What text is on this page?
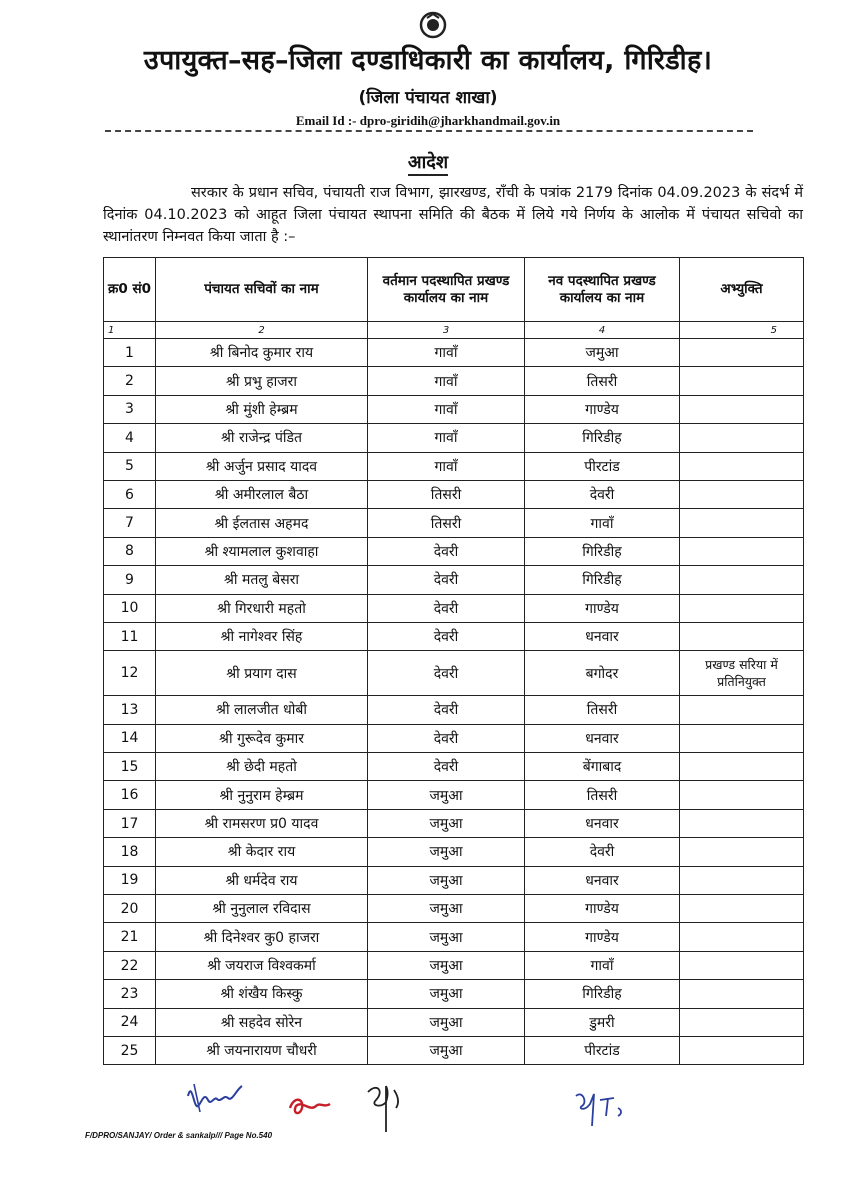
उपायुक्त–सह–जिला दण्डाधिकारी का कार्यालय, गिरिडीह।
(जिला पंचायत शाखा)
Email Id :- dpro-giridih@jharkhandmail.gov.in
आदेश
सरकार के प्रधान सचिव, पंचायती राज विभाग, झारखण्ड, राँची के पत्रांक 2179 दिनांक 04.09.2023 के संदर्भ में दिनांक 04.10.2023 को आहूत जिला पंचायत स्थापना समिति की बैठक में लिये गये निर्णय के आलोक में पंचायत सचिवो का स्थानांतरण निम्नवत किया जाता है :–
क्र0 सं0	पंचायत सचिवों का नाम	वर्तमान पदस्थापित प्रखण्ड कार्यालय का नाम	नव पदस्थापित प्रखण्ड कार्यालय का नाम	अभ्युक्ति
1	2	3	4	5
1	श्री बिनोद कुमार राय	गावाँ	जमुआ	
2	श्री प्रभु हाजरा	गावाँ	तिसरी	
3	श्री मुंशी हेम्ब्रम	गावाँ	गाण्डेय	
4	श्री राजेन्द्र पंडित	गावाँ	गिरिडीह	
5	श्री अर्जुन प्रसाद यादव	गावाँ	पीरटांड	
6	श्री अमीरलाल बैठा	तिसरी	देवरी	
7	श्री ईलतास अहमद	तिसरी	गावाँ	
8	श्री श्यामलाल कुशवाहा	देवरी	गिरिडीह	
9	श्री मतलु बेसरा	देवरी	गिरिडीह	
10	श्री गिरधारी महतो	देवरी	गाण्डेय	
11	श्री नागेश्वर सिंह	देवरी	धनवार	
12	श्री प्रयाग दास	देवरी	बगोदर	प्रखण्ड सरिया में प्रतिनियुक्त
13	श्री लालजीत धोबी	देवरी	तिसरी	
14	श्री गुरूदेव कुमार	देवरी	धनवार	
15	श्री छेदी महतो	देवरी	बेंगाबाद	
16	श्री नुनुराम हेम्ब्रम	जमुआ	तिसरी	
17	श्री रामसरण प्र0 यादव	जमुआ	धनवार	
18	श्री केदार राय	जमुआ	देवरी	
19	श्री धर्मदेव राय	जमुआ	धनवार	
20	श्री नुनुलाल रविदास	जमुआ	गाण्डेय	
21	श्री दिनेश्वर कु0 हाजरा	जमुआ	गाण्डेय	
22	श्री जयराज विश्वकर्मा	जमुआ	गावाँ	
23	श्री शंखैय किस्कु	जमुआ	गिरिडीह	
24	श्री सहदेव सोरेन	जमुआ	डुमरी	
25	श्री जयनारायण चौधरी	जमुआ	पीरटांड	
F/DPRO/SANJAY/ Order & sankalp/// Page No.540
